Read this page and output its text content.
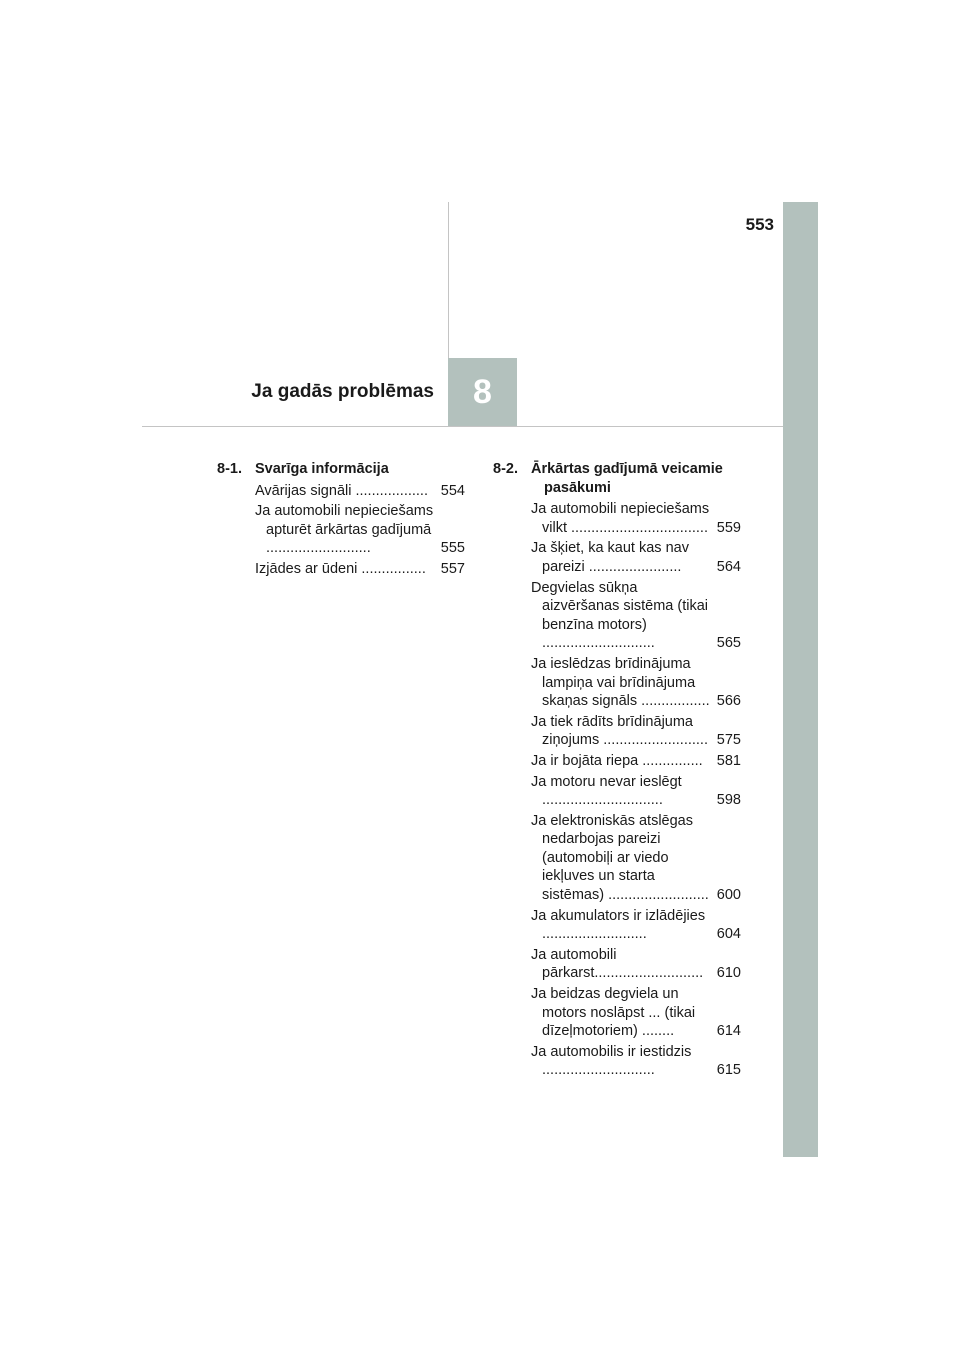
553
Ja gadās problēmas 8
8-1. Svarīga informācija
Avārijas signāli .................. 554
Ja automobili nepieciešams apturēt ārkārtas gadījumā ..........................	555
Izjādes ar ūdeni ................	557
8-2. Ārkārtas gadījumā veicamie pasākumi
Ja automobili nepieciešams vilkt .................................. 559
Ja šķiet, ka kaut kas nav pareizi .......................	564
Degvielas sūkņa aizvēršanas sistēma (tikai benzīna motors) ............................	565
Ja ieslēdzas brīdinājuma lampiņa vai brīdinājuma skaņas signāls ................. 566
Ja tiek rādīts brīdinājuma ziņojums .......................... 575
Ja ir bojāta riepa ............... 581
Ja motoru nevar ieslēgt ..............................	598
Ja elektroniskās atslēgas nedarbojas pareizi (automobiļi ar viedo iekļuves un starta sistēmas) ......................... 600
Ja akumulators ir izlādējies ..........................	604
Ja automobili pārkarst........................... 610
Ja beidzas degviela un motors noslāpst ... (tikai dīzeļmotoriem) ........	614
Ja automobilis ir iestidzis ............................	615
